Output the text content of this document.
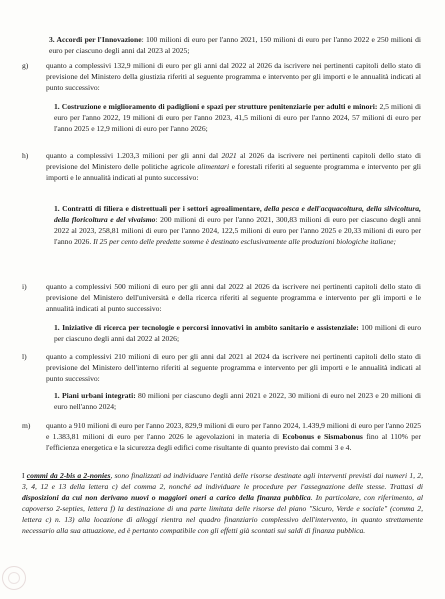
3. Accordi per l'Innovazione: 100 milioni di euro per l'anno 2021, 150 milioni di euro per l'anno 2022 e 250 milioni di euro per ciascuno degli anni dal 2023 al 2025;
g) quanto a complessivi 132,9 milioni di euro per gli anni dal 2022 al 2026 da iscrivere nei pertinenti capitoli dello stato di previsione del Ministero della giustizia riferiti al seguente programma e intervento per gli importi e le annualità indicati al punto successivo:
1. Costruzione e miglioramento di padiglioni e spazi per strutture penitenziarie per adulti e minori: 2,5 milioni di euro per l'anno 2022, 19 milioni di euro per l'anno 2023, 41,5 milioni di euro per l'anno 2024, 57 milioni di euro per l'anno 2025 e 12,9 milioni di euro per l'anno 2026;
h) quanto a complessivi 1.203,3 milioni per gli anni dal 2021 al 2026 da iscrivere nei pertinenti capitoli dello stato di previsione del Ministero delle politiche agricole alimentari e forestali riferiti al seguente programma e intervento per gli importi e le annualità indicati al punto successivo:
1. Contratti di filiera e distrettuali per i settori agroalimentare, della pesca e dell'acquacoltura, della silvicoltura, della floricoltura e del vivaismo: 200 milioni di euro per l'anno 2021, 300,83 milioni di euro per ciascuno degli anni 2022 al 2023, 258,81 milioni di euro per l'anno 2024, 122,5 milioni di euro per l'anno 2025 e 20,33 milioni di euro per l'anno 2026. Il 25 per cento delle predette somme è destinato esclusivamente alle produzioni biologiche italiane;
i)	quanto a complessivi 500 milioni di euro per gli anni dal 2022 al 2026 da iscrivere nei pertinenti capitoli dello stato di previsione del Ministero dell'università e della ricerca riferiti al seguente programma e intervento per gli importi e le annualità indicati al punto successivo:
1. Iniziative di ricerca per tecnologie e percorsi innovativi in ambito sanitario e assistenziale: 100 milioni di euro per ciascuno degli anni dal 2022 al 2026;
l)	quanto a complessivi 210 milioni di euro per gli anni dal 2021 al 2024 da iscrivere nei pertinenti capitoli dello stato di previsione del Ministero dell'interno riferiti al seguente programma e intervento per gli importi e le annualità indicati al punto successivo:
1. Piani urbani integrati: 80 milioni per ciascuno degli anni 2021 e 2022, 30 milioni di euro nel 2023 e 20 milioni di euro nell'anno 2024;
m) quanto a 910 milioni di euro per l'anno 2023, 829,9 milioni di euro per l'anno 2024, 1.439,9 milioni di euro per l'anno 2025 e 1.383,81 milioni di euro per l'anno 2026 le agevolazioni in materia di Ecobonus e Sismabonus fino al 110% per l'efficienza energetica e la sicurezza degli edifici come risultante di quanto previsto dai commi 3 e 4.
I commi da 2-bis a 2-nonies, sono finalizzati ad individuare l'entità delle risorse destinate agli interventi previsti dai numeri 1, 2, 3, 4, 12 e 13 della lettera c) del comma 2, nonché ad individuare le procedure per l'assegnazione delle stesse. Trattasi di disposizioni da cui non derivano nuovi o maggiori oneri a carico della finanza pubblica. In particolare, con riferimento, al capoverso 2-septies, lettera f) la destinazione di una parte limitata delle risorse del piano "Sicuro, Verde e sociale" (comma 2, lettera c) n. 13) alla locazione di alloggi rientra nel quadro finanziario complessivo dell'intervento, in quanto strettamente necessario alla sua attuazione, ed è pertanto compatibile con gli effetti già scontati sui saldi di finanza pubblica.
